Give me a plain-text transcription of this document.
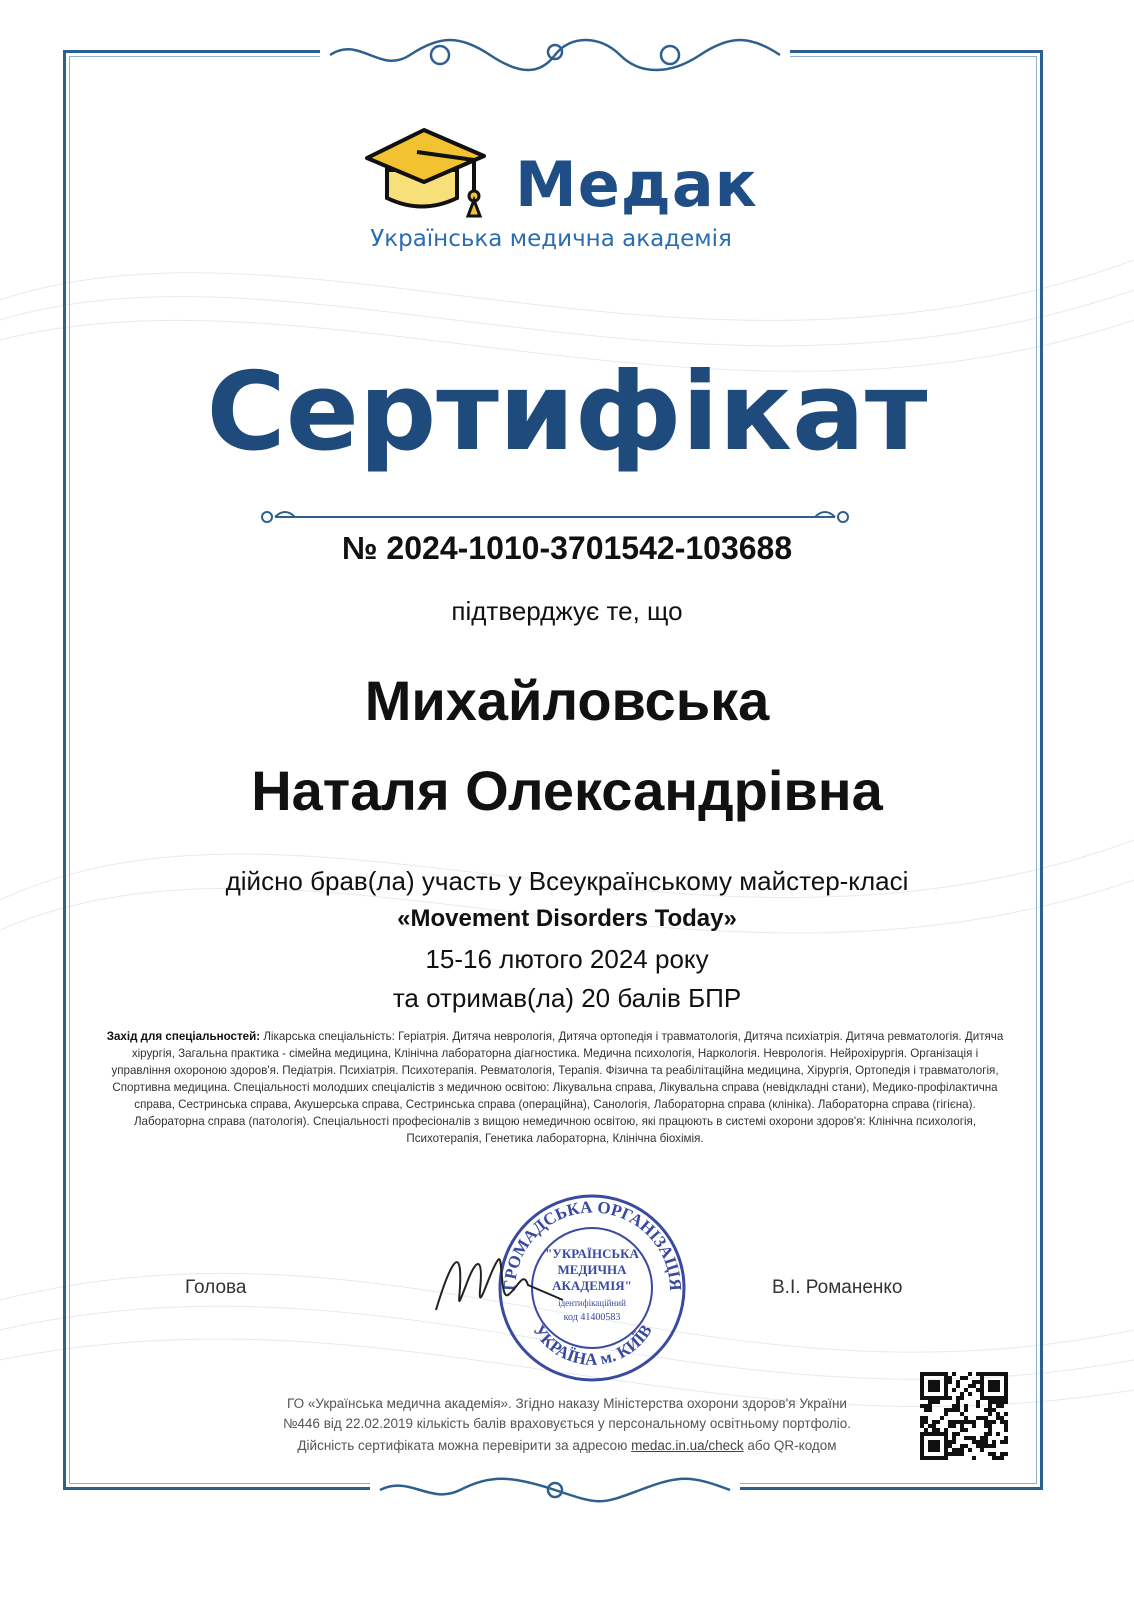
Медак
Українська медична академія
Сертифікат
№ 2024-1010-3701542-103688
підтверджує те, що
Михайловська
Наталя Олександрівна
дійсно брав(ла) участь у Всеукраїнському майстер-класі
«Movement Disorders Today»
15-16 лютого 2024 року
та отримав(ла) 20 балів БПР
Захід для спеціальностей: Лікарська спеціальність: Геріатрія. Дитяча неврологія, Дитяча ортопедія і травматологія, Дитяча психіатрія. Дитяча ревматологія. Дитяча хірургія, Загальна практика - сімейна медицина, Клінічна лабораторна діагностика. Медична психологія, Наркологія. Неврологія. Нейрохірургія. Організація і управління охороною здоров'я. Педіатрія. Психіатрія. Психотерапія. Ревматологія, Терапія. Фізична та реабілітаційна медицина, Хірургія, Ортопедія і травматологія, Спортивна медицина. Спеціальності молодших спеціалістів з медичною освітою: Лікувальна справа, Лікувальна справа (невідкладні стани), Медико-профілактична справа, Сестринська справа, Акушерська справа, Сестринська справа (операційна), Санологія, Лабораторна справа (клініка). Лабораторна справа (гігієна). Лабораторна справа (патологія). Спеціальності професіоналів з вищою немедичною освітою, які працюють в системі охорони здоров'я: Клінічна психологія, Психотерапія, Генетика лабораторна, Клінічна біохімія.
Голова	В.І. Романенко
ГРОМАДСЬКА ОРГАНІЗАЦІЯ
УКРАЇНА м. КИЇВ
"УКРАЇНСЬКА
МЕДИЧНА
АКАДЕМІЯ"
ідентифікаційний
код 41400583
ГО «Українська медична академія». Згідно наказу Міністерства охорони здоров'я України
№446 від 22.02.2019 кількість балів враховується у персональному освітньому портфоліо.
Дійсність сертифіката можна перевірити за адресою medac.in.ua/check або QR-кодом
